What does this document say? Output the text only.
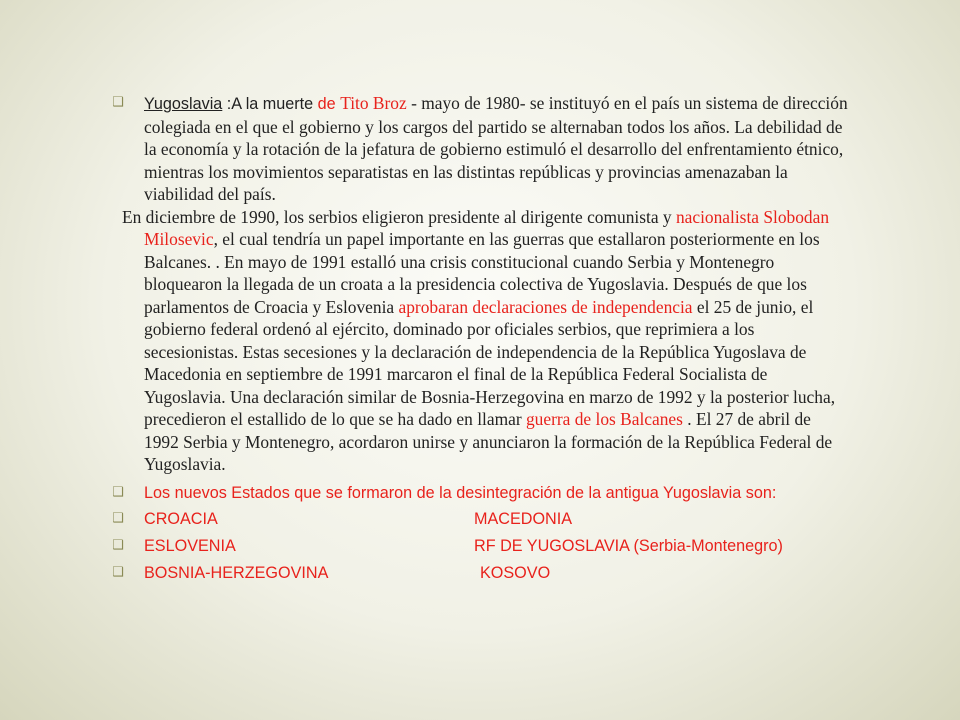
❑ Yugoslavia :A la muerte de Tito Broz - mayo de 1980- se instituyó en el país un sistema de dirección colegiada en el que el gobierno y los cargos del partido se alternaban todos los años. La debilidad de la economía y la rotación de la jefatura de gobierno estimuló el desarrollo del enfrentamiento étnico, mientras los movimientos separatistas en las distintas repúblicas y provincias amenazaban la viabilidad del país.
En diciembre de 1990, los serbios eligieron presidente al dirigente comunista y nacionalista Slobodan Milosevic, el cual tendría un papel importante en las guerras que estallaron posteriormente en los Balcanes. . En mayo de 1991 estalló una crisis constitucional cuando Serbia y Montenegro bloquearon la llegada de un croata a la presidencia colectiva de Yugoslavia. Después de que los parlamentos de Croacia y Eslovenia aprobaran declaraciones de independencia el 25 de junio, el gobierno federal ordenó al ejército, dominado por oficiales serbios, que reprimiera a los secesionistas. Estas secesiones y la declaración de independencia de la República Yugoslava de Macedonia en septiembre de 1991 marcaron el final de la República Federal Socialista de Yugoslavia. Una declaración similar de Bosnia-Herzegovina en marzo de 1992 y la posterior lucha, precedieron el estallido de lo que se ha dado en llamar guerra de los Balcanes . El 27 de abril de 1992 Serbia y Montenegro, acordaron unirse y anunciaron la formación de la República Federal de Yugoslavia.
❑ Los nuevos Estados que se formaron de la desintegración de la antigua Yugoslavia son:
❑ CROACIA	MACEDONIA
❑ ESLOVENIA	RF DE YUGOSLAVIA (Serbia-Montenegro)
❑ BOSNIA-HERZEGOVINA	KOSOVO
